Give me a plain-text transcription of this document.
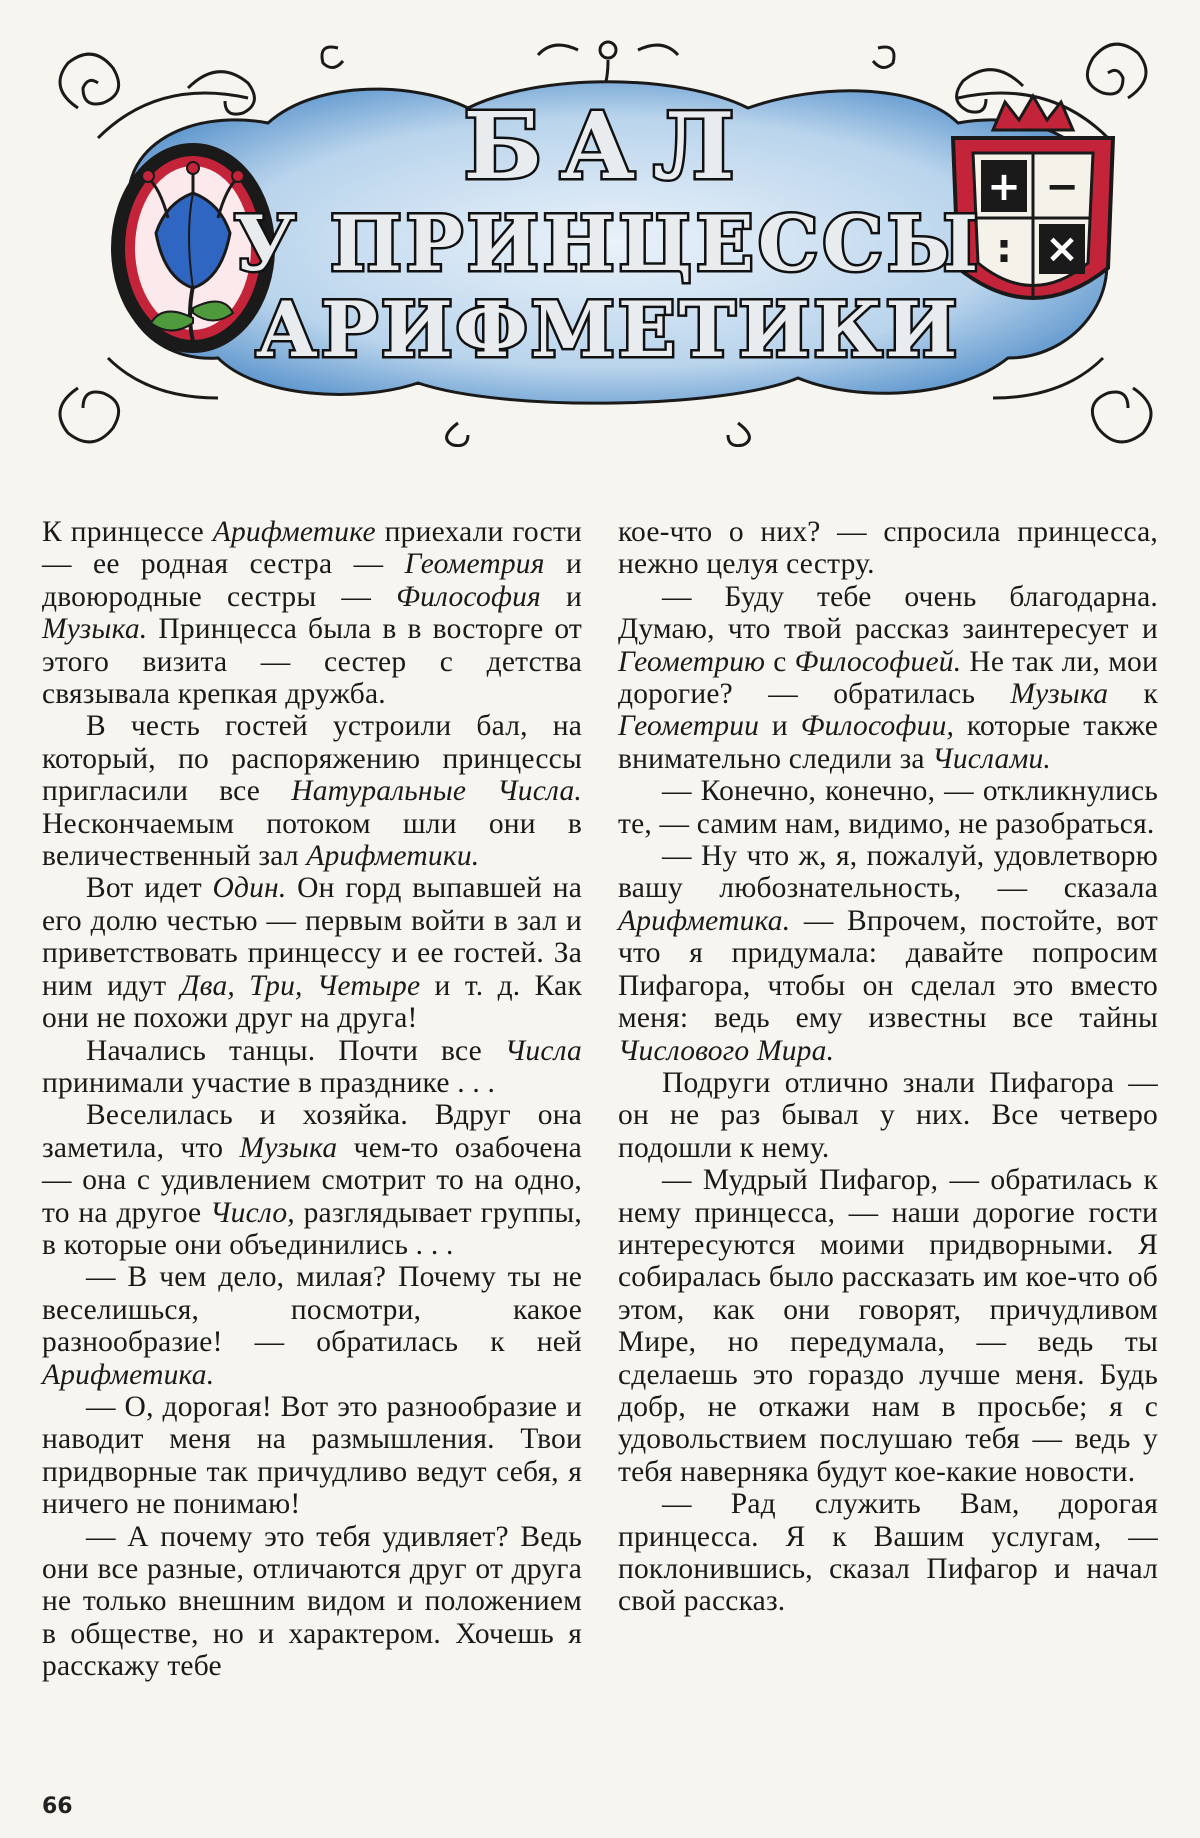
+ −
: ×
БАЛ
У ПРИНЦЕССЫ
АРИФМЕТИКИ

К принцессе Арифметике приехали гости — ее родная сестра — Геометрия и двоюродные сестры — Философия и Музыка. Принцесса была в в восторге от этого визита — сестер с детства связывала крепкая дружба.

В честь гостей устроили бал, на который, по распоряжению принцессы пригласили все Натуральные Числа. Нескончаемым потоком шли они в величественный зал Арифметики.

Вот идет Один. Он горд выпавшей на его долю честью — первым войти в зал и приветствовать принцессу и ее гостей. За ним идут Два, Три, Четыре и т. д. Как они не похожи друг на друга!

Начались танцы. Почти все Числа принимали участие в празднике . . .

Веселилась и хозяйка. Вдруг она заметила, что Музыка чем-то озабочена — она с удивлением смотрит то на одно, то на другое Число, разглядывает группы, в которые они объединились . . .

— В чем дело, милая? Почему ты не веселишься, посмотри, какое разнообразие! — обратилась к ней Арифметика.

— О, дорогая! Вот это разнообразие и наводит меня на размышления. Твои придворные так причудливо ведут себя, я ничего не понимаю!

— А почему это тебя удивляет? Ведь они все разные, отличаются друг от друга не только внешним видом и положением в обществе, но и характером. Хочешь я расскажу тебе

кое-что о них? — спросила принцесса, нежно целуя сестру.

— Буду тебе очень благодарна. Думаю, что твой рассказ заинтересует и Геометрию с Философией. Не так ли, мои дорогие? — обратилась Музыка к Геометрии и Философии, которые также внимательно следили за Числами.

— Конечно, конечно, — откликнулись те, — самим нам, видимо, не разобраться.

— Ну что ж, я, пожалуй, удовлетворю вашу любознательность, — сказала Арифметика. — Впрочем, постойте, вот что я придумала: давайте попросим Пифагора, чтобы он сделал это вместо меня: ведь ему известны все тайны Числового Мира.

Подруги отлично знали Пифагора — он не раз бывал у них. Все четверо подошли к нему.

— Мудрый Пифагор, — обратилась к нему принцесса, — наши дорогие гости интересуются моими придворными. Я собиралась было рассказать им кое-что об этом, как они говорят, причудливом Мире, но передумала, — ведь ты сделаешь это гораздо лучше меня. Будь добр, не откажи нам в просьбе; я с удовольствием послушаю тебя — ведь у тебя наверняка будут кое-какие новости.

— Рад служить Вам, дорогая принцесса. Я к Вашим услугам, — поклонившись, сказал Пифагор и начал свой рассказ.

66
